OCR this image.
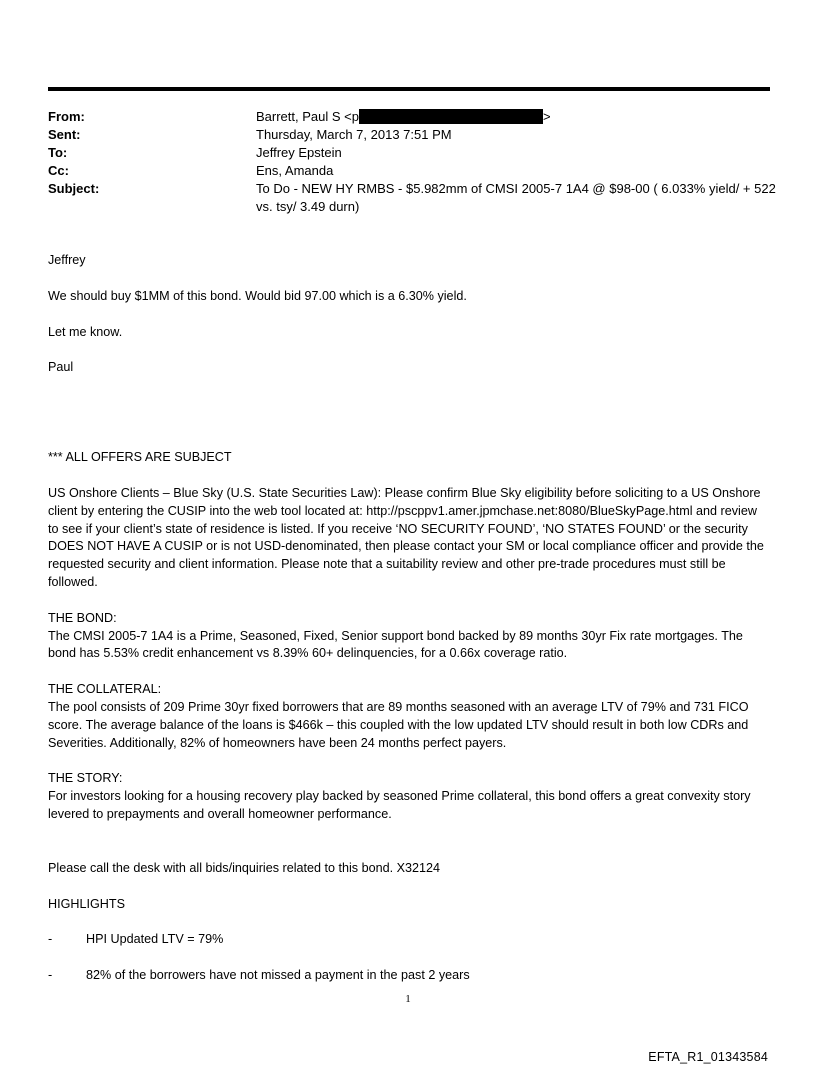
From:	Barrett, Paul S <p	>
Sent:	Thursday, March 7, 2013 7:51 PM
To:	Jeffrey Epstein
Cc:	Ens, Amanda
Subject:	To Do - NEW HY RMBS - $5.982mm of CMSI 2005-7 1A4 @ $98-00 ( 6.033% yield/ + 522 vs. tsy/ 3.49 durn)

Jeffrey

We should buy $1MM of this bond. Would bid 97.00 which is a 6.30% yield.

Let me know.

Paul

*** ALL OFFERS ARE SUBJECT

US Onshore Clients – Blue Sky (U.S. State Securities Law): Please confirm Blue Sky eligibility before soliciting to a US Onshore client by entering the CUSIP into the web tool located at: http://pscppv1.amer.jpmchase.net:8080/BlueSkyPage.html and review to see if your client’s state of residence is listed. If you receive ‘NO SECURITY FOUND’, ‘NO STATES FOUND’ or the security DOES NOT HAVE A CUSIP or is not USD-denominated, then please contact your SM or local compliance officer and provide the requested security and client information. Please note that a suitability review and other pre-trade procedures must still be followed.

THE BOND:

The CMSI 2005-7 1A4 is a Prime, Seasoned, Fixed, Senior support bond backed by 89 months 30yr Fix rate mortgages. The bond has 5.53% credit enhancement vs 8.39% 60+ delinquencies, for a 0.66x coverage ratio.

THE COLLATERAL:

The pool consists of 209 Prime 30yr fixed borrowers that are 89 months seasoned with an average LTV of 79% and 731 FICO score. The average balance of the loans is $466k – this coupled with the low updated LTV should result in both low CDRs and Severities. Additionally, 82% of homeowners have been 24 months perfect payers.

THE STORY:

For investors looking for a housing recovery play backed by seasoned Prime collateral, this bond offers a great convexity story levered to prepayments and overall homeowner performance.

Please call the desk with all bids/inquiries related to this bond. X32124

HIGHLIGHTS

-	HPI Updated LTV = 79%
-	82% of the borrowers have not missed a payment in the past 2 years
1
EFTA_R1_01343584
